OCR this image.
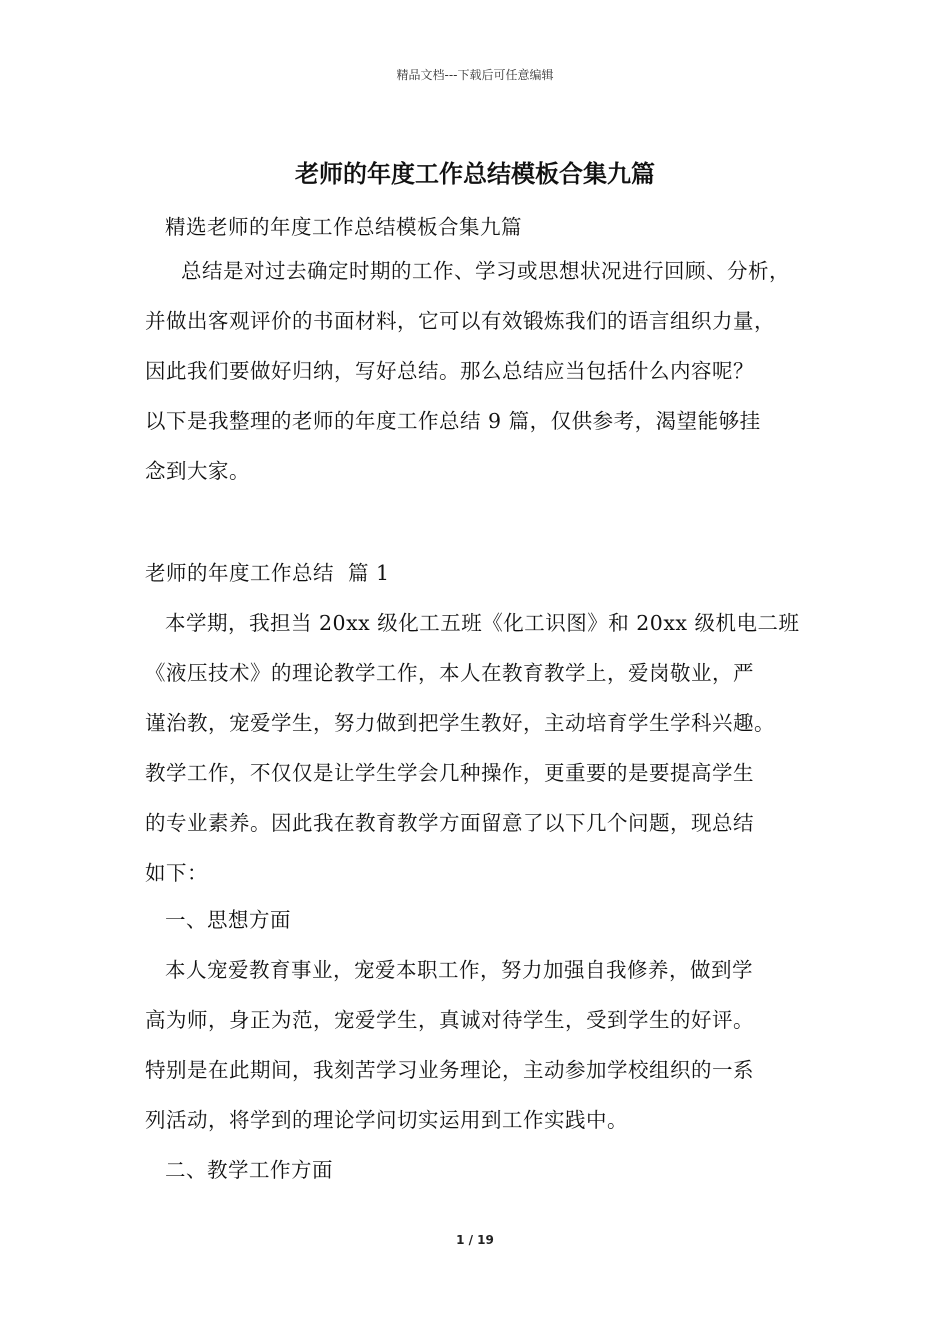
精品文档---下载后可任意编辑
老师的年度工作总结模板合集九篇
精选老师的年度工作总结模板合集九篇
总结是对过去确定时期的工作、学习或思想状况进行回顾、分析，
并做出客观评价的书面材料，它可以有效锻炼我们的语言组织力量，
因此我们要做好归纳，写好总结。那么总结应当包括什么内容呢？
以下是我整理的老师的年度工作总结 9 篇，仅供参考，渴望能够挂
念到大家。
老师的年度工作总结  篇 1
本学期，我担当 20xx 级化工五班《化工识图》和 20xx 级机电二班
《液压技术》的理论教学工作，本人在教育教学上，爱岗敬业，严
谨治教，宠爱学生，努力做到把学生教好，主动培育学生学科兴趣。
教学工作，不仅仅是让学生学会几种操作，更重要的是要提高学生
的专业素养。因此我在教育教学方面留意了以下几个问题，现总结
如下：
一、思想方面
本人宠爱教育事业，宠爱本职工作，努力加强自我修养，做到学
高为师，身正为范，宠爱学生，真诚对待学生，受到学生的好评。
特别是在此期间，我刻苦学习业务理论，主动参加学校组织的一系
列活动，将学到的理论学问切实运用到工作实践中。
二、教学工作方面
1 / 19
